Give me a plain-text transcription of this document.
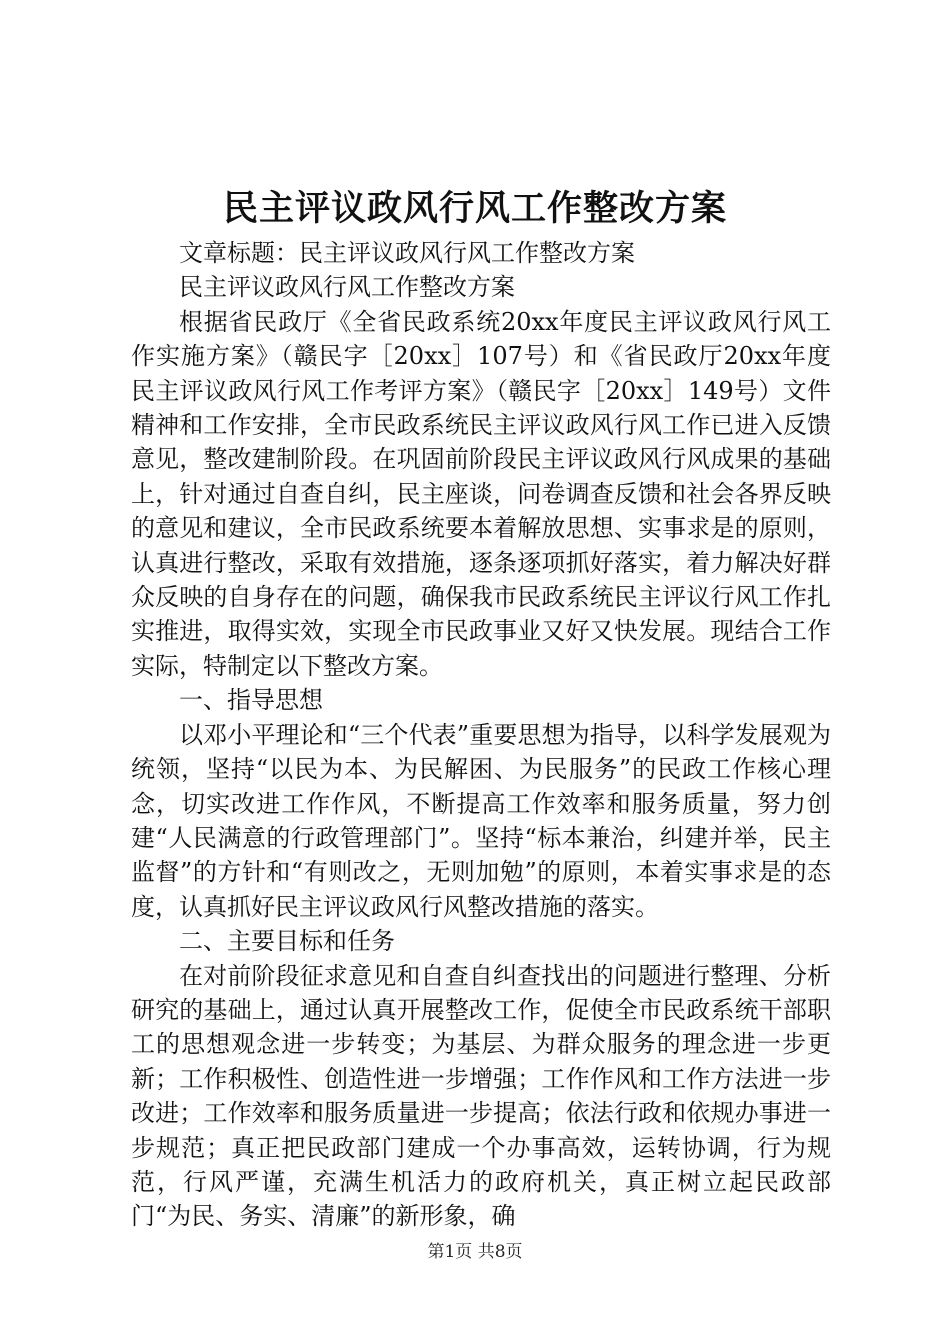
民主评议政风行风工作整改方案

文章标题：民主评议政风行风工作整改方案

民主评议政风行风工作整改方案

根据省民政厅《全省民政系统20xx年度民主评议政风行风工作实施方案》（赣民字［20xx］107号）和《省民政厅20xx年度民主评议政风行风工作考评方案》（赣民字［20xx］149号）文件精神和工作安排，全市民政系统民主评议政风行风工作已进入反馈意见，整改建制阶段。在巩固前阶段民主评议政风行风成果的基础上，针对通过自查自纠，民主座谈，问卷调查反馈和社会各界反映的意见和建议，全市民政系统要本着解放思想、实事求是的原则，认真进行整改，采取有效措施，逐条逐项抓好落实，着力解决好群众反映的自身存在的问题，确保我市民政系统民主评议行风工作扎实推进，取得实效，实现全市民政事业又好又快发展。现结合工作实际，特制定以下整改方案。

一、指导思想

以邓小平理论和“三个代表”重要思想为指导，以科学发展观为统领，坚持“以民为本、为民解困、为民服务”的民政工作核心理念，切实改进工作作风，不断提高工作效率和服务质量，努力创建“人民满意的行政管理部门”。坚持“标本兼治，纠建并举，民主监督”的方针和“有则改之，无则加勉”的原则，本着实事求是的态度，认真抓好民主评议政风行风整改措施的落实。

二、主要目标和任务

在对前阶段征求意见和自查自纠查找出的问题进行整理、分析研究的基础上，通过认真开展整改工作，促使全市民政系统干部职工的思想观念进一步转变；为基层、为群众服务的理念进一步更新；工作积极性、创造性进一步增强；工作作风和工作方法进一步改进；工作效率和服务质量进一步提高；依法行政和依规办事进一步规范；真正把民政部门建成一个办事高效，运转协调，行为规范，行风严谨，充满生机活力的政府机关，真正树立起民政部门“为民、务实、清廉”的新形象，确

第1页 共8页
